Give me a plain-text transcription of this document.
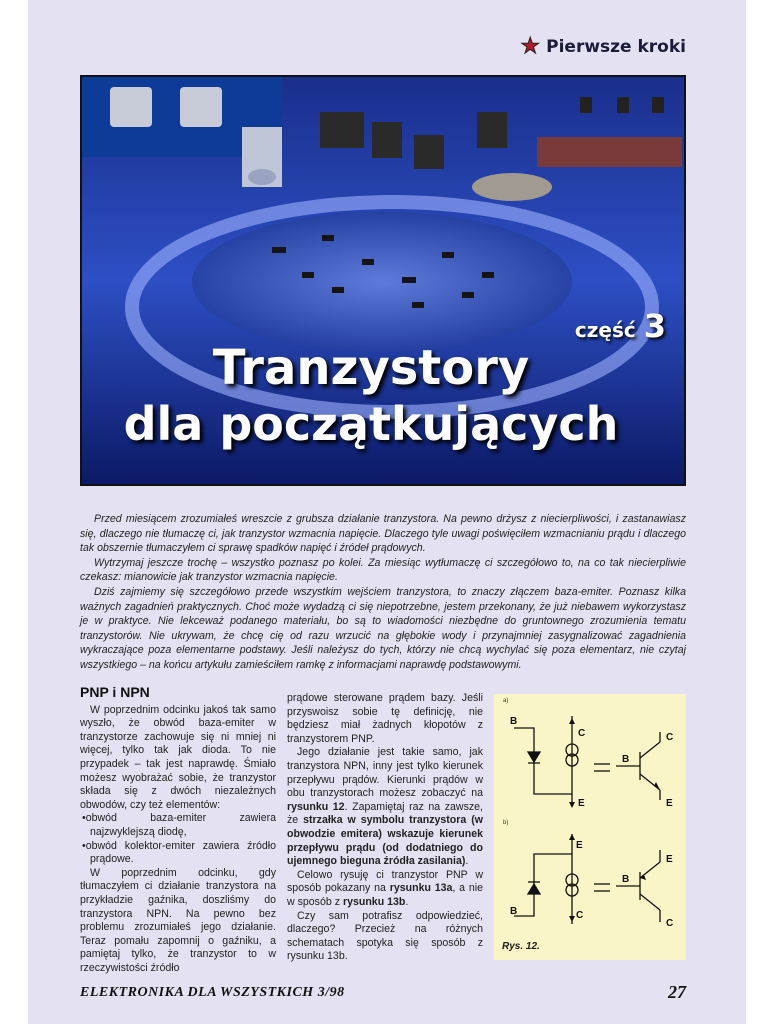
★ Pierwsze kroki
część 3
Tranzystory
dla początkujących

Przed miesiącem zrozumiałeś wreszcie z grubsza działanie tranzystora. Na pewno drżysz z niecierpliwości, i zastanawiasz się, dlaczego nie tłumaczę ci, jak tranzystor wzmacnia napięcie. Dlaczego tyle uwagi poświęciłem wzmacnianiu prądu i dlaczego tak obszernie tłumaczyłem ci sprawę spadków napięć i źródeł prądowych.

Wytrzymaj jeszcze trochę – wszystko poznasz po kolei. Za miesiąc wytłumaczę ci szczegółowo to, na co tak niecierpliwie czekasz: mianowicie jak tranzystor wzmacnia napięcie.

Dziś zajmiemy się szczegółowo przede wszystkim wejściem tranzystora, to znaczy złączem baza-emiter. Poznasz kilka ważnych zagadnień praktycznych. Choć może wydadzą ci się niepotrzebne, jestem przekonany, że już niebawem wykorzystasz je w praktyce. Nie lekceważ podanego materiału, bo są to wiadomości niezbędne do gruntownego zrozumienia tematu tranzystorów. Nie ukrywam, że chcę cię od razu wrzucić na głębokie wody i przynajmniej zasygnalizować zagadnienia wykraczające poza elementarne podstawy. Jeśli należysz do tych, którzy nie chcą wychylać się poza elementarz, nie czytaj wszystkiego – na końcu artykułu zamieściłem ramkę z informacjami naprawdę podstawowymi.

PNP i NPN

W poprzednim odcinku jakoś tak samo wyszło, że obwód baza-emiter w tranzystorze zachowuje się ni mniej ni więcej, tylko tak jak dioda. To nie przypadek – tak jest naprawdę. Śmiało możesz wyobrażać sobie, że tranzystor składa się z dwóch niezależnych obwodów, czy też elementów:

•obwód baza-emiter zawiera najzwyklejszą diodę,
•obwód kolektor-emiter zawiera źródło prądowe.

W poprzednim odcinku, gdy tłumaczyłem ci działanie tranzystora na przykładzie gaźnika, doszliśmy do tranzystora NPN. Na pewno bez problemu zrozumiałeś jego działanie. Teraz pomału zapomnij o gaźniku, a pamiętaj tylko, że tranzystor to w rzeczywistości źródło

prądowe sterowane prądem bazy. Jeśli przyswoisz sobie tę definicję, nie będziesz miał żadnych kłopotów z tranzystorem PNP.

Jego działanie jest takie samo, jak tranzystora NPN, inny jest tylko kierunek przepływu prądów. Kierunki prądów w obu tranzystorach możesz zobaczyć na rysunku 12. Zapamiętaj raz na zawsze, że strzałka w symbolu tranzystora (w obwodzie emitera) wskazuje kierunek przepływu prądu (od dodatniego do ujemnego bieguna źródła zasilania).

Celowo rysuję ci tranzystor PNP w sposób pokazany na rysunku 13a, a nie w sposób z rysunku 13b.

Czy sam potrafisz odpowiedzieć, dlaczego? Przecież na różnych schematach spotyka się sposób z rysunku 13b.

a)
b)
B
C
E
B
C
E
E
B	C
B
E
C
Rys. 12.
ELEKTRONIKA DLA WSZYSTKICH 3/98	27
